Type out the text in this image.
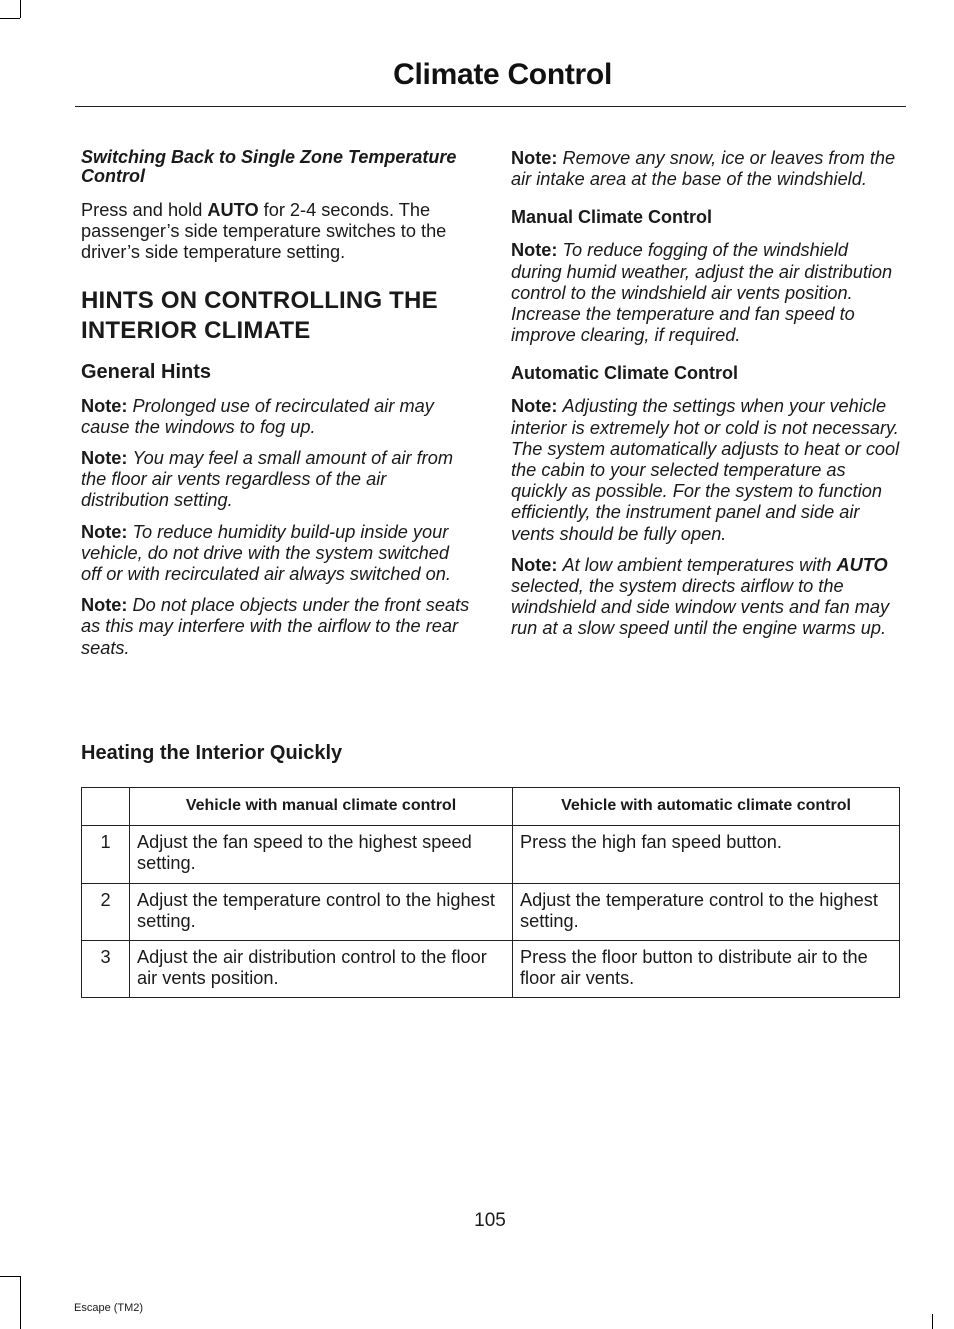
Climate Control
Switching Back to Single Zone Temperature Control

Press and hold AUTO for 2-4 seconds. The passenger’s side temperature switches to the driver’s side temperature setting.

HINTS ON CONTROLLING THE INTERIOR CLIMATE
General Hints

Note: Prolonged use of recirculated air may cause the windows to fog up.

Note: You may feel a small amount of air from the floor air vents regardless of the air distribution setting.

Note: To reduce humidity build-up inside your vehicle, do not drive with the system switched off or with recirculated air always switched on.

Note: Do not place objects under the front seats as this may interfere with the airflow to the rear seats.

Note: Remove any snow, ice or leaves from the air intake area at the base of the windshield.

Manual Climate Control

Note: To reduce fogging of the windshield during humid weather, adjust the air distribution control to the windshield air vents position. Increase the temperature and fan speed to improve clearing, if required.

Automatic Climate Control

Note: Adjusting the settings when your vehicle interior is extremely hot or cold is not necessary. The system automatically adjusts to heat or cool the cabin to your selected temperature as quickly as possible. For the system to function efficiently, the instrument panel and side air vents should be fully open.

Note: At low ambient temperatures with AUTO selected, the system directs airflow to the windshield and side window vents and fan may run at a slow speed until the engine warms up.

Heating the Interior Quickly
	Vehicle with manual climate control	Vehicle with automatic climate control
1	Adjust the fan speed to the highest speed setting.	Press the high fan speed button.
2	Adjust the temperature control to the highest setting.	Adjust the temperature control to the highest setting.
3	Adjust the air distribution control to the floor air vents position.	Press the floor button to distribute air to the floor air vents.
105
Escape (TM2)
